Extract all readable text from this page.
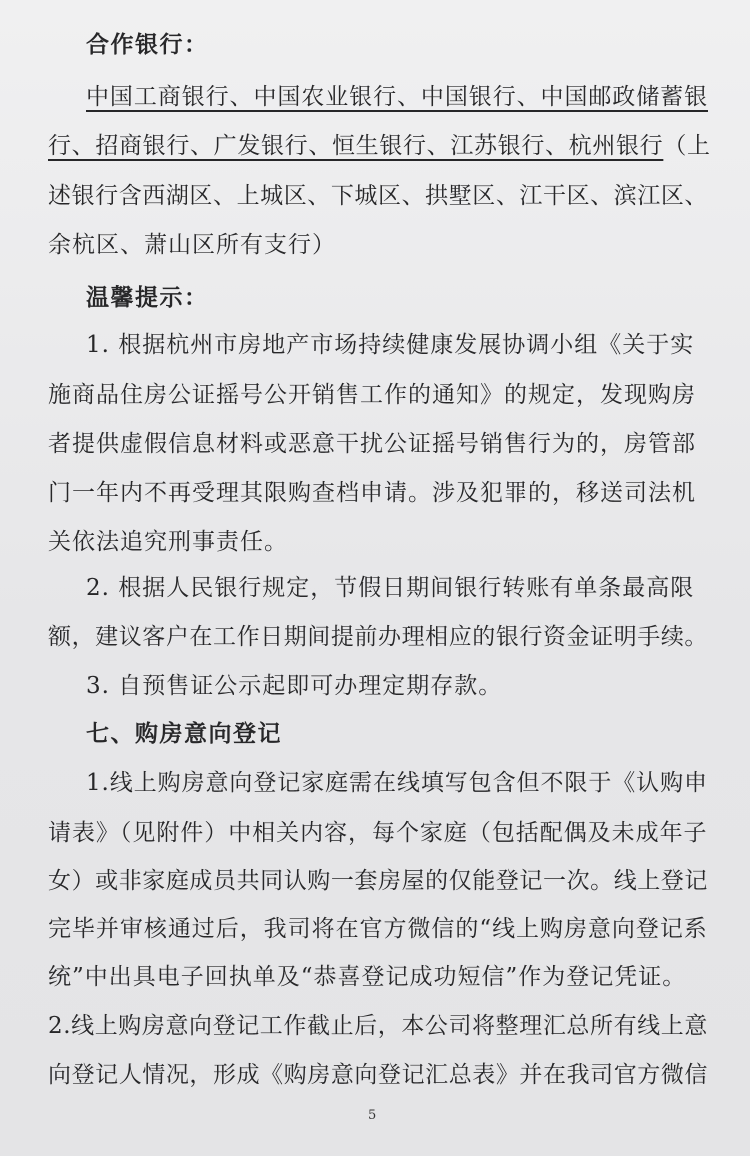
合作银行：
中国工商银行、中国农业银行、中国银行、中国邮政储蓄银
行、招商银行、广发银行、恒生银行、江苏银行、杭州银行（上
述银行含西湖区、上城区、下城区、拱墅区、江干区、滨江区、
余杭区、萧山区所有支行）
温馨提示：
1. 根据杭州市房地产市场持续健康发展协调小组《关于实
施商品住房公证摇号公开销售工作的通知》的规定，发现购房
者提供虚假信息材料或恶意干扰公证摇号销售行为的，房管部
门一年内不再受理其限购查档申请。涉及犯罪的，移送司法机
关依法追究刑事责任。
2. 根据人民银行规定，节假日期间银行转账有单条最高限
额，建议客户在工作日期间提前办理相应的银行资金证明手续。
3. 自预售证公示起即可办理定期存款。
七、购房意向登记
1.线上购房意向登记家庭需在线填写包含但不限于《认购申
请表》（见附件）中相关内容，每个家庭（包括配偶及未成年子
女）或非家庭成员共同认购一套房屋的仅能登记一次。线上登记
完毕并审核通过后，我司将在官方微信的“线上购房意向登记系
统”中出具电子回执单及“恭喜登记成功短信”作为登记凭证。
2.线上购房意向登记工作截止后，本公司将整理汇总所有线上意
向登记人情况，形成《购房意向登记汇总表》并在我司官方微信
5
